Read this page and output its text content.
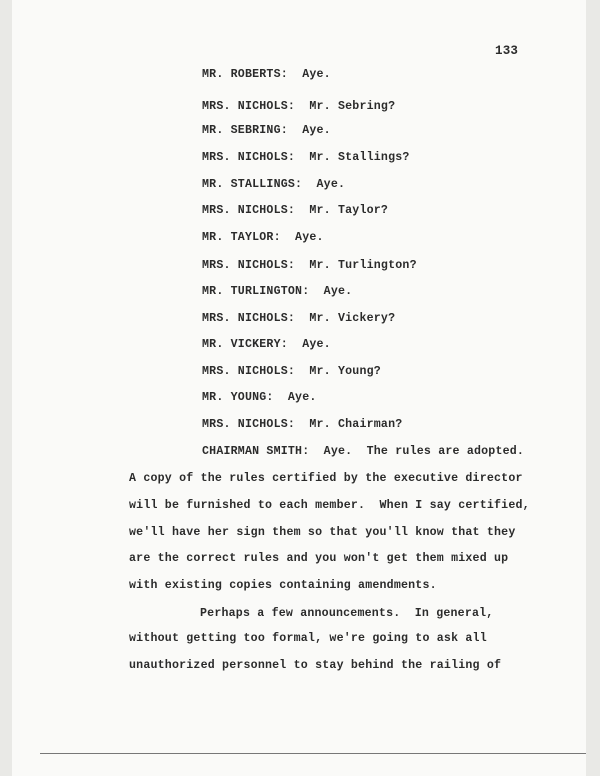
133
MR. ROBERTS:  Aye.
MRS. NICHOLS:  Mr. Sebring?
MR. SEBRING:  Aye.
MRS. NICHOLS:  Mr. Stallings?
MR. STALLINGS:  Aye.
MRS. NICHOLS:  Mr. Taylor?
MR. TAYLOR:  Aye.
MRS. NICHOLS:  Mr. Turlington?
MR. TURLINGTON:  Aye.
MRS. NICHOLS:  Mr. Vickery?
MR. VICKERY:  Aye.
MRS. NICHOLS:  Mr. Young?
MR. YOUNG:  Aye.
MRS. NICHOLS:  Mr. Chairman?
CHAIRMAN SMITH:  Aye.  The rules are adopted.
A copy of the rules certified by the executive director
will be furnished to each member.  When I say certified,
we'll have her sign them so that you'll know that they
are the correct rules and you won't get them mixed up
with existing copies containing amendments.
Perhaps a few announcements.  In general,
without getting too formal, we're going to ask all
unauthorized personnel to stay behind the railing of
